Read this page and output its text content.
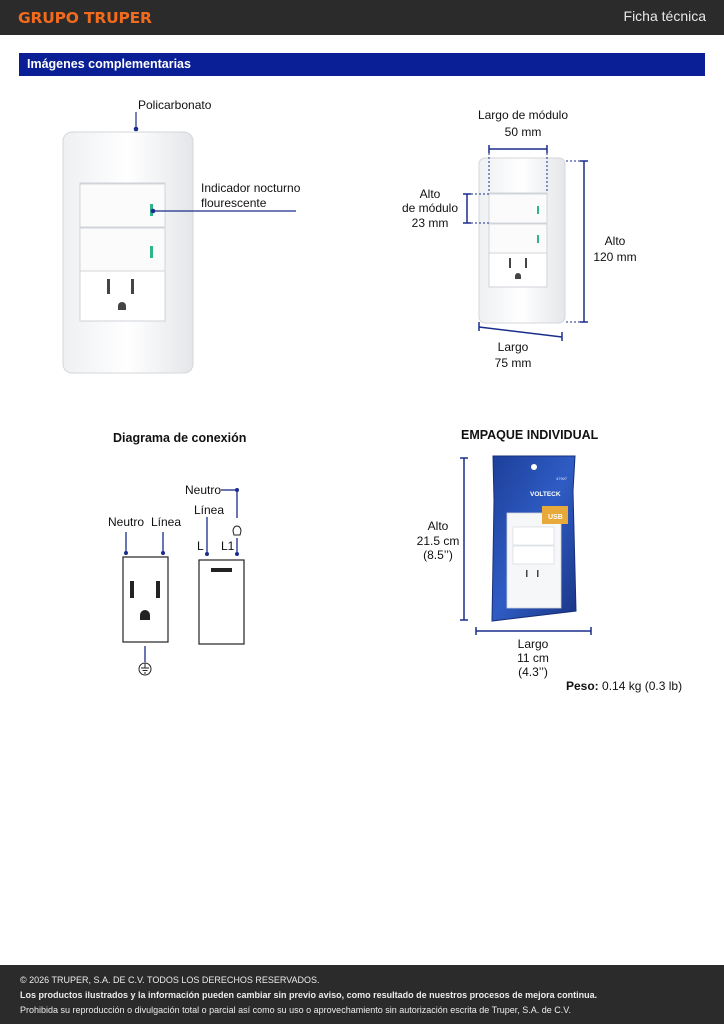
GRUPO TRUPER	Ficha técnica
Imágenes complementarias
USB
VOLTECK
47907
Policarbonato
Indicador nocturno
flourescente
Largo de módulo
50 mm
Alto
de módulo
23 mm
Alto
120 mm
Largo
75 mm
Diagrama de conexión
Neutro Línea
Neutro
Línea
L L1
EMPAQUE INDIVIDUAL
Alto
21.5 cm
(8.5’’)
Largo
11 cm
(4.3’’)
Peso: 0.14 kg (0.3 lb)
© 2026 TRUPER, S.A. DE C.V. TODOS LOS DERECHOS RESERVADOS.
Los productos ilustrados y la información pueden cambiar sin previo aviso, como resultado de nuestros procesos de mejora continua.
Prohibida su reproducción o divulgación total o parcial así como su uso o aprovechamiento sin autorización escrita de Truper, S.A. de C.V.
